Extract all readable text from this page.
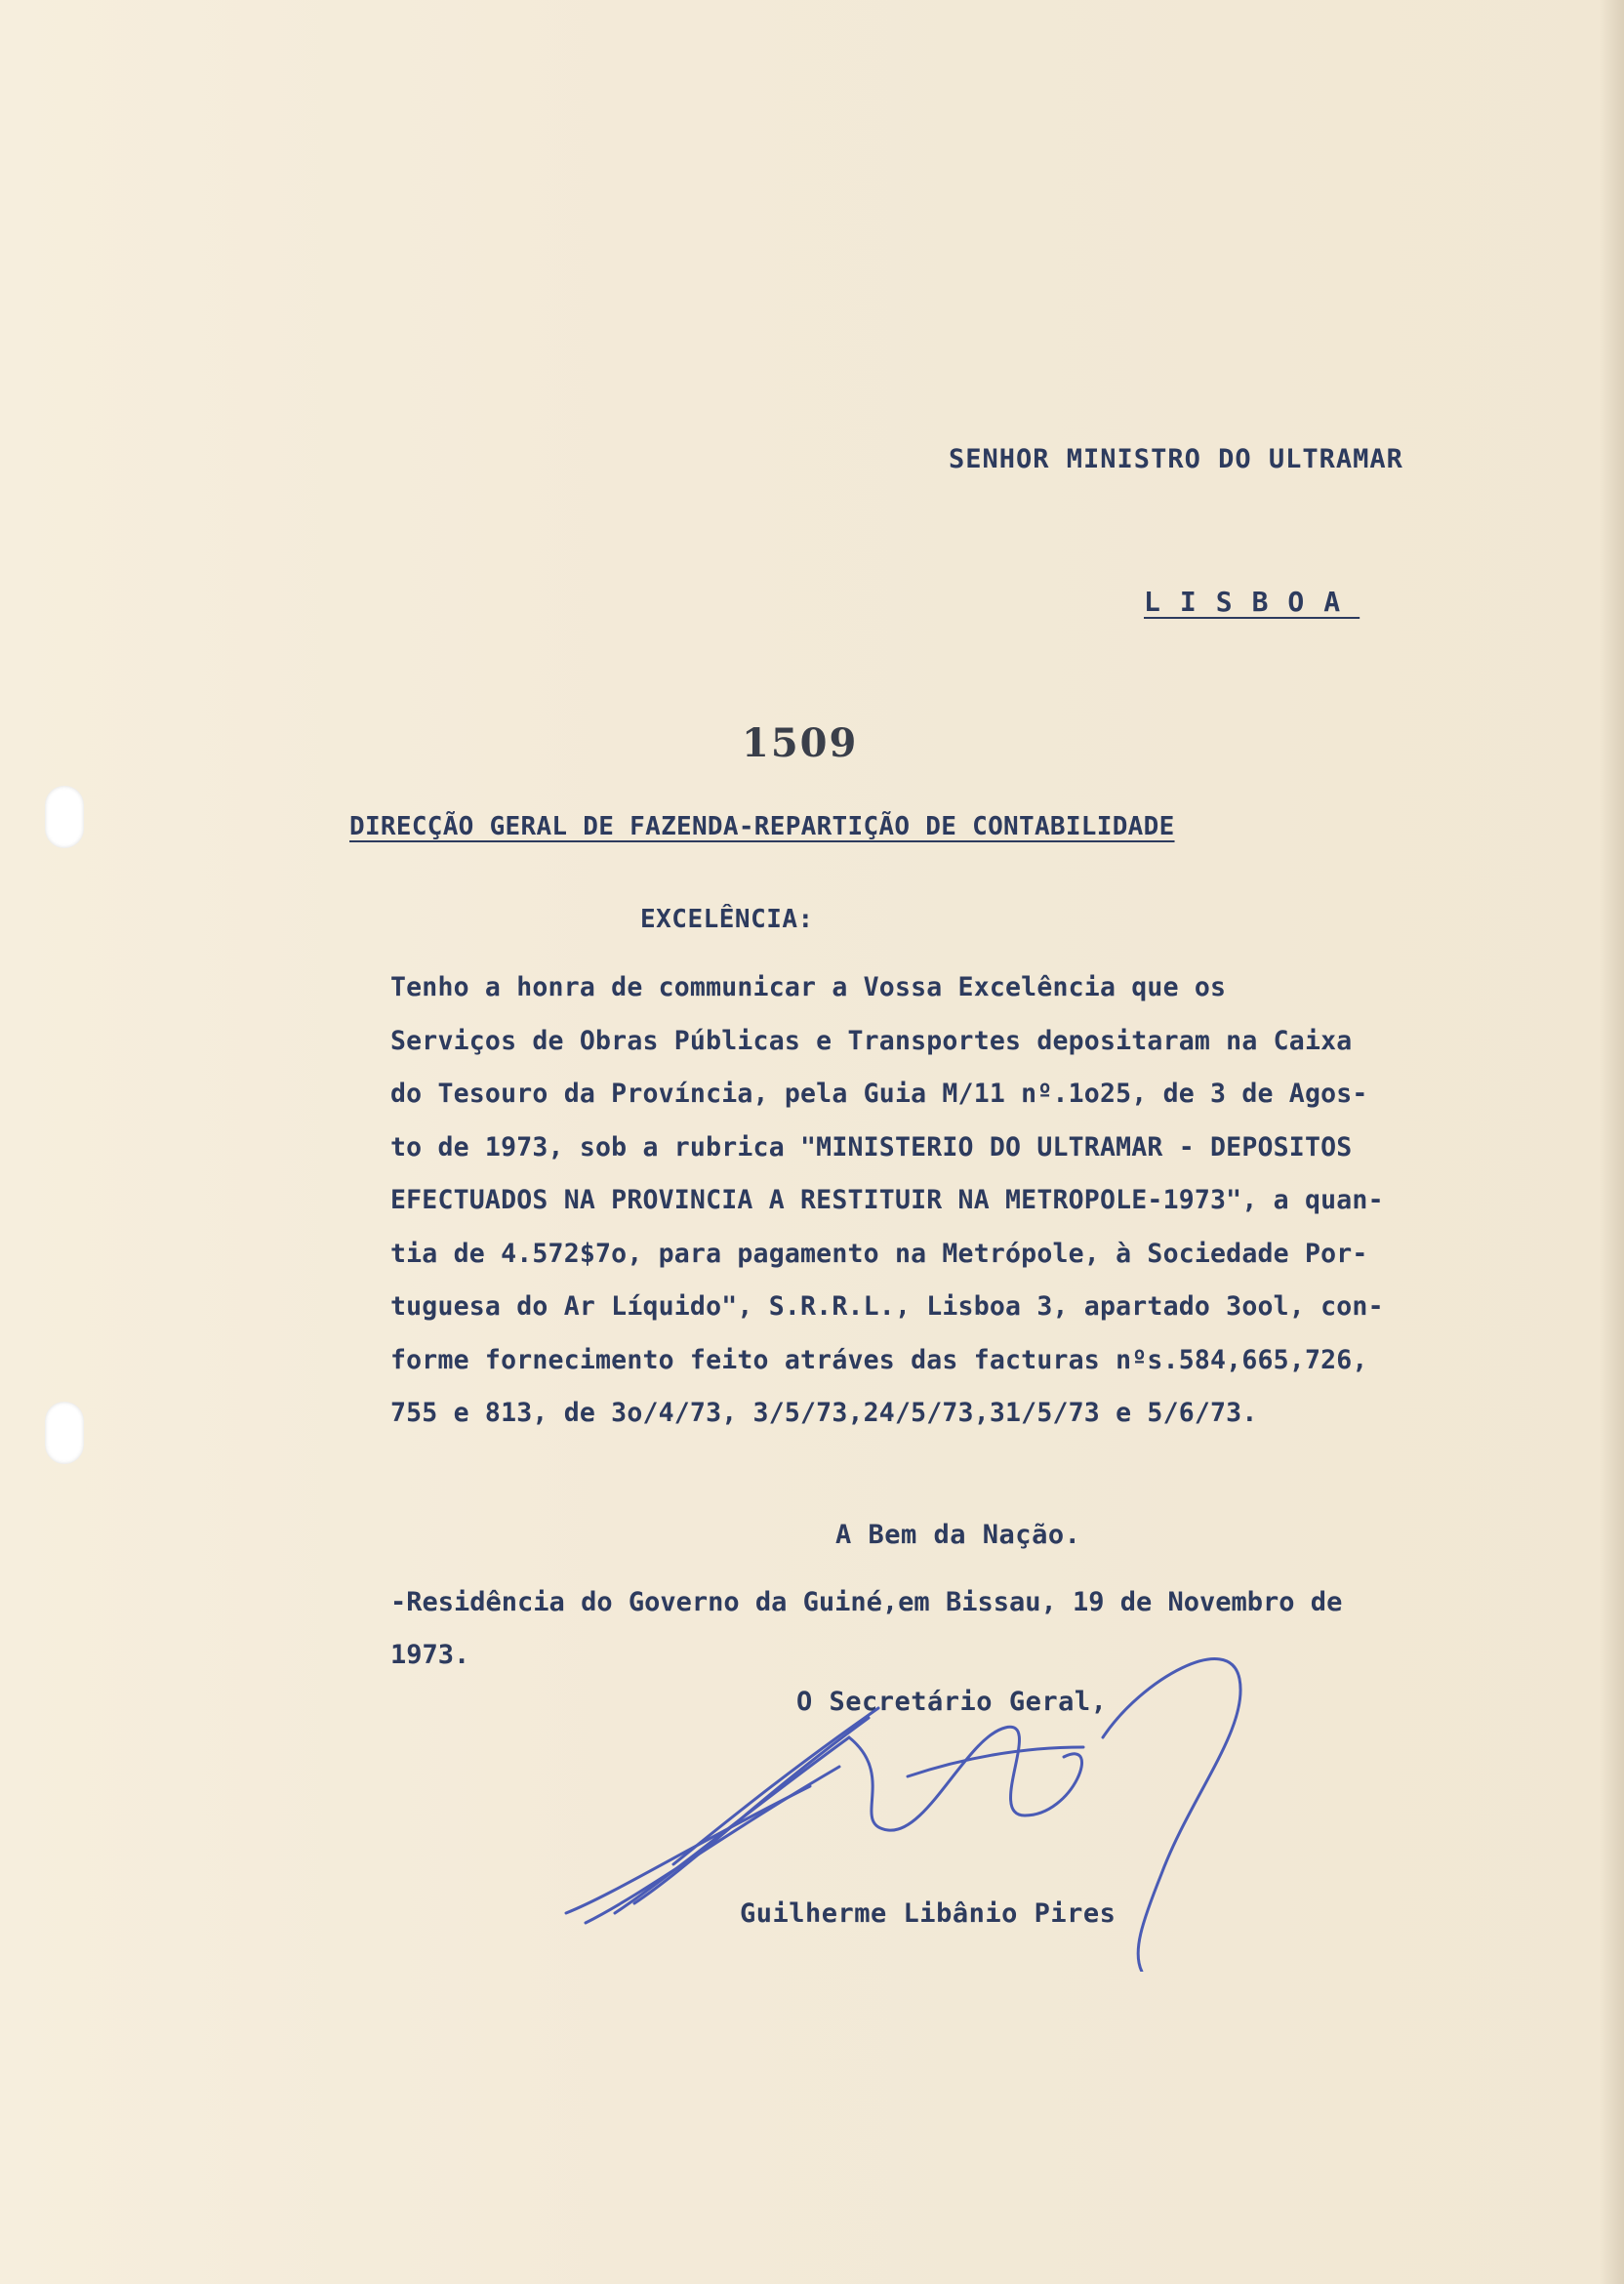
SENHOR MINISTRO DO ULTRAMAR
LISBOA
1509
DIRECÇÃO GERAL DE FAZENDA-REPARTIÇÃO DE CONTABILIDADE
EXCELÊNCIA:
Tenho a honra de communicar a Vossa Excelência que os
Serviços de Obras Públicas e Transportes depositaram na Caixa
do Tesouro da Província, pela Guia M/11 nº.1o25, de 3 de Agos-
to de 1973, sob a rubrica "MINISTERIO DO ULTRAMAR - DEPOSITOS
EFECTUADOS NA PROVINCIA A RESTITUIR NA METROPOLE-1973", a quan-
tia de 4.572$7o, para pagamento na Metrópole, à Sociedade Por-
tuguesa do Ar Líquido", S.R.R.L., Lisboa 3, apartado 3ool, con-
forme fornecimento feito atráves das facturas nºs.584,665,726,
755 e 813, de 3o/4/73, 3/5/73,24/5/73,31/5/73 e 5/6/73.
A Bem da Nação.
-Residência do Governo da Guiné,em Bissau, 19 de Novembro de
1973.
O Secretário Geral,
Guilherme Libânio Pires
